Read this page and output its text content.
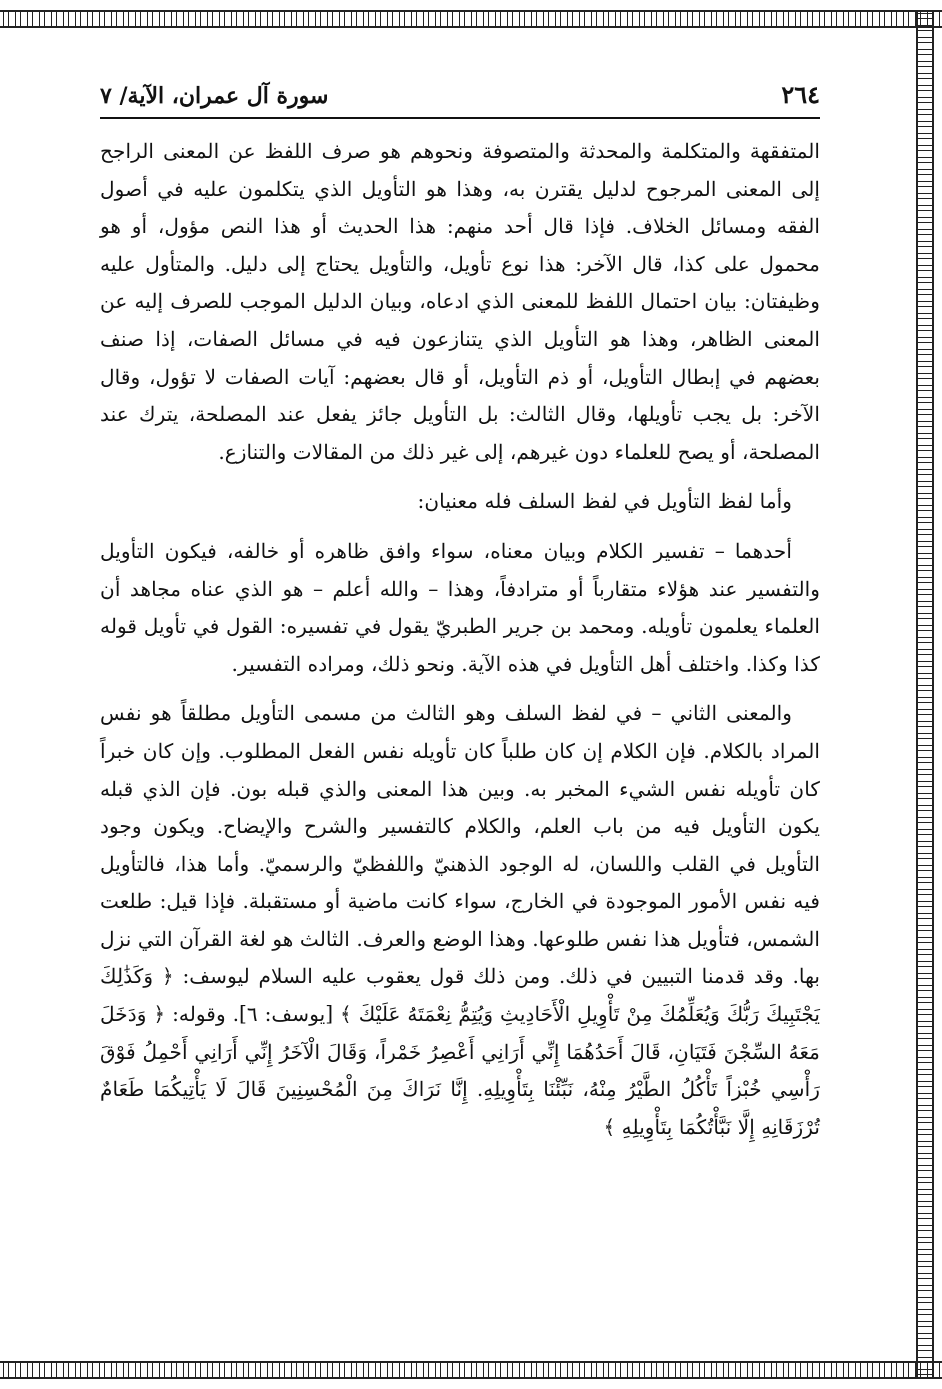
٢٦٤
سورة آل عمران، الآية/ ٧

المتفقهة والمتكلمة والمحدثة والمتصوفة ونحوهم هو صرف اللفظ عن المعنى الراجح إلى المعنى المرجوح لدليل يقترن به، وهذا هو التأويل الذي يتكلمون عليه في أصول الفقه ومسائل الخلاف. فإذا قال أحد منهم: هذا الحديث أو هذا النص مؤول، أو هو محمول على كذا، قال الآخر: هذا نوع تأويل، والتأويل يحتاج إلى دليل. والمتأول عليه وظيفتان: بيان احتمال اللفظ للمعنى الذي ادعاه، وبيان الدليل الموجب للصرف إليه عن المعنى الظاهر، وهذا هو التأويل الذي يتنازعون فيه في مسائل الصفات، إذا صنف بعضهم في إبطال التأويل، أو ذم التأويل، أو قال بعضهم: آيات الصفات لا تؤول، وقال الآخر: بل يجب تأويلها، وقال الثالث: بل التأويل جائز يفعل عند المصلحة، يترك عند المصلحة، أو يصح للعلماء دون غيرهم، إلى غير ذلك من المقالات والتنازع.

وأما لفظ التأويل في لفظ السلف فله معنيان:

أحدهما – تفسير الكلام وبيان معناه، سواء وافق ظاهره أو خالفه، فيكون التأويل والتفسير عند هؤلاء متقارباً أو مترادفاً، وهذا – والله أعلم – هو الذي عناه مجاهد أن العلماء يعلمون تأويله. ومحمد بن جرير الطبريّ يقول في تفسيره: القول في تأويل قوله كذا وكذا. واختلف أهل التأويل في هذه الآية. ونحو ذلك، ومراده التفسير.

والمعنى الثاني – في لفظ السلف وهو الثالث من مسمى التأويل مطلقاً هو نفس المراد بالكلام. فإن الكلام إن كان طلباً كان تأويله نفس الفعل المطلوب. وإن كان خبراً كان تأويله نفس الشيء المخبر به. وبين هذا المعنى والذي قبله بون. فإن الذي قبله يكون التأويل فيه من باب العلم، والكلام كالتفسير والشرح والإيضاح. ويكون وجود التأويل في القلب واللسان، له الوجود الذهنيّ واللفظيّ والرسميّ. وأما هذا، فالتأويل فيه نفس الأمور الموجودة في الخارج، سواء كانت ماضية أو مستقبلة. فإذا قيل: طلعت الشمس، فتأويل هذا نفس طلوعها. وهذا الوضع والعرف. الثالث هو لغة القرآن التي نزل بها. وقد قدمنا التبيين في ذلك. ومن ذلك قول يعقوب عليه السلام ليوسف: ﴿ وَكَذَٰلِكَ يَجْتَبِيكَ رَبُّكَ وَيُعَلِّمُكَ مِنْ تَأْوِيلِ الْأَحَادِيثِ وَيُتِمُّ نِعْمَتَهُ عَلَيْكَ ﴾ [يوسف: ٦]. وقوله: ﴿ وَدَخَلَ مَعَهُ السِّجْنَ فَتَيَانِ، قَالَ أَحَدُهُمَا إِنِّي أَرَانِي أَعْصِرُ خَمْراً، وَقَالَ الْآخَرُ إِنِّي أَرَانِي أَحْمِلُ فَوْقَ رَأْسِي خُبْزاً تَأْكُلُ الطَّيْرُ مِنْهُ، نَبِّئْنَا بِتَأْوِيلِهِ. إِنَّا نَرَاكَ مِنَ الْمُحْسِنِينَ قَالَ لَا يَأْتِيكُمَا طَعَامٌ تُرْزَقَانِهِ إِلَّا نَبَّأْتُكُمَا بِتَأْوِيلِهِ ﴾
